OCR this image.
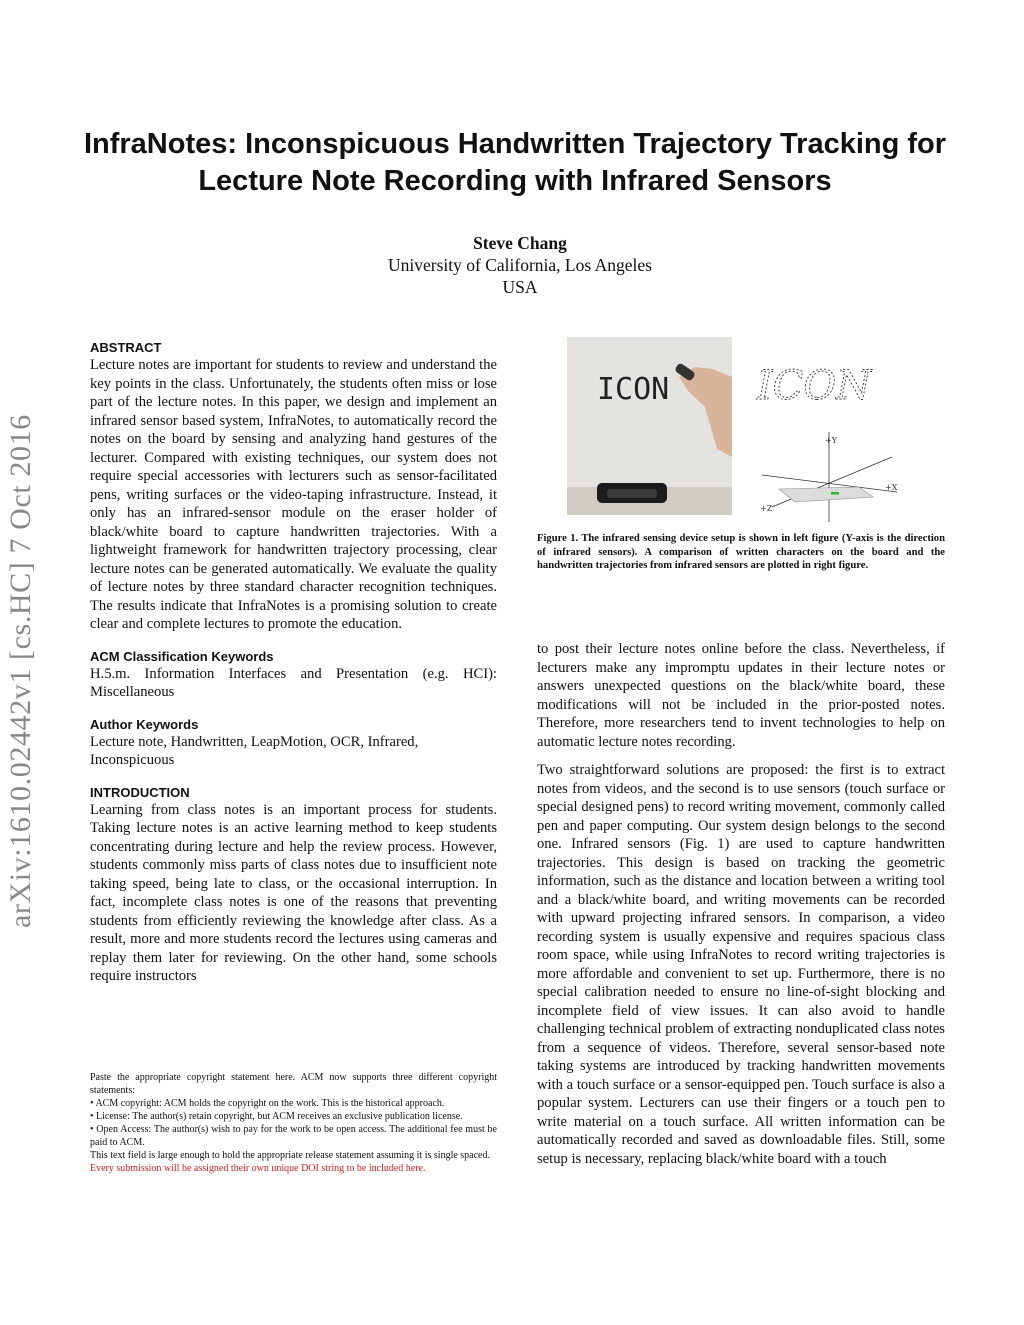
InfraNotes: Inconspicuous Handwritten Trajectory Tracking for Lecture Note Recording with Infrared Sensors
Steve Chang
University of California, Los Angeles
USA
arXiv:1610.02442v1 [cs.HC] 7 Oct 2016
ABSTRACT

Lecture notes are important for students to review and understand the key points in the class. Unfortunately, the students often miss or lose part of the lecture notes. In this paper, we design and implement an infrared sensor based system, InfraNotes, to automatically record the notes on the board by sensing and analyzing hand gestures of the lecturer. Compared with existing techniques, our system does not require special accessories with lecturers such as sensor-facilitated pens, writing surfaces or the video-taping infrastructure. Instead, it only has an infrared-sensor module on the eraser holder of black/white board to capture handwritten trajectories. With a lightweight framework for handwritten trajectory processing, clear lecture notes can be generated automatically. We evaluate the quality of lecture notes by three standard character recognition techniques. The results indicate that InfraNotes is a promising solution to create clear and complete lectures to promote the education.

ACM Classification Keywords

H.5.m. Information Interfaces and Presentation (e.g. HCI): Miscellaneous

Author Keywords

Lecture note, Handwritten, LeapMotion, OCR, Infrared, Inconspicuous

INTRODUCTION

Learning from class notes is an important process for students. Taking lecture notes is an active learning method to keep students concentrating during lecture and help the review process. However, students commonly miss parts of class notes due to insufficient note taking speed, being late to class, or the occasional interruption. In fact, incomplete class notes is one of the reasons that preventing students from efficiently reviewing the knowledge after class. As a result, more and more students record the lectures using cameras and replay them later for reviewing. On the other hand, some schools require instructors

Paste the appropriate copyright statement here. ACM now supports three different copyright statements:
• ACM copyright: ACM holds the copyright on the work. This is the historical approach.
• License: The author(s) retain copyright, but ACM receives an exclusive publication license.
• Open Access: The author(s) wish to pay for the work to be open access. The additional fee must be paid to ACM.
This text field is large enough to hold the appropriate release statement assuming it is single spaced.
Every submission will be assigned their own unique DOI string to be included here.
ICON ICON
+Y
+X
+Z
Figure 1. The infrared sensing device setup is shown in left figure (Y-axis is the direction of infrared sensors). A comparison of written characters on the board and the handwritten trajectories from infrared sensors are plotted in right figure.

to post their lecture notes online before the class. Nevertheless, if lecturers make any impromptu updates in their lecture notes or answers unexpected questions on the black/white board, these modifications will not be included in the prior-posted notes. Therefore, more researchers tend to invent technologies to help on automatic lecture notes recording.

Two straightforward solutions are proposed: the first is to extract notes from videos, and the second is to use sensors (touch surface or special designed pens) to record writing movement, commonly called pen and paper computing. Our system design belongs to the second one. Infrared sensors (Fig. 1) are used to capture handwritten trajectories. This design is based on tracking the geometric information, such as the distance and location between a writing tool and a black/white board, and writing movements can be recorded with upward projecting infrared sensors. In comparison, a video recording system is usually expensive and requires spacious class room space, while using InfraNotes to record writing trajectories is more affordable and convenient to set up. Furthermore, there is no special calibration needed to ensure no line-of-sight blocking and incomplete field of view issues. It can also avoid to handle challenging technical problem of extracting nonduplicated class notes from a sequence of videos. Therefore, several sensor-based note taking systems are introduced by tracking handwritten movements with a touch surface or a sensor-equipped pen. Touch surface is also a popular system. Lecturers can use their fingers or a touch pen to write material on a touch surface. All written information can be automatically recorded and saved as downloadable files. Still, some setup is necessary, replacing black/white board with a touch
